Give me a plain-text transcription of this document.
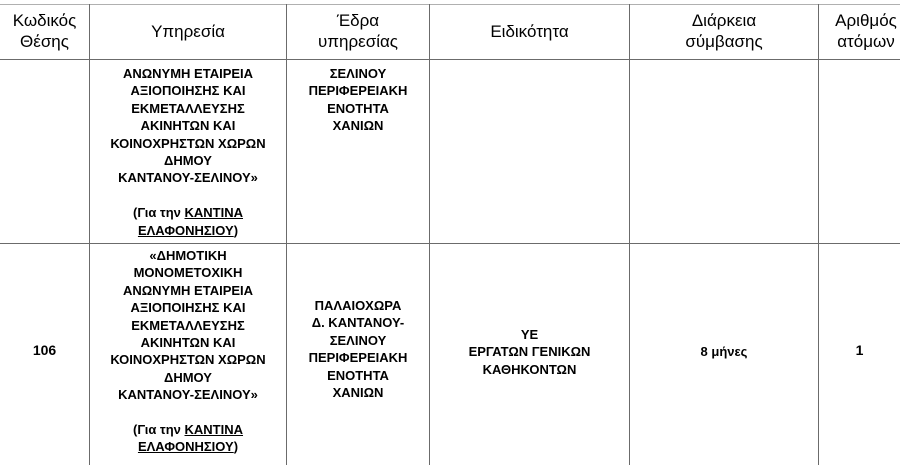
Κωδικός
Θέσης
Υπηρεσία
Έδρα
υπηρεσίας
Ειδικότητα
Διάρκεια
σύμβασης
Αριθμός
ατόμων
ΑΝΩΝΥΜΗ ΕΤΑΙΡΕΙΑ
ΑΞΙΟΠΟΙΗΣΗΣ ΚΑΙ
ΕΚΜΕΤΑΛΛΕΥΣΗΣ
ΑΚΙΝΗΤΩΝ ΚΑΙ
ΚΟΙΝΟΧΡΗΣΤΩΝ ΧΩΡΩΝ
ΔΗΜΟΥ
ΚΑΝΤΑΝΟΥ-ΣΕΛΙΝΟΥ»
(Για την ΚΑΝΤΙΝΑ
ΕΛΑΦΟΝΗΣΙΟΥ)
ΣΕΛΙΝΟΥ
ΠΕΡΙΦΕΡΕΙΑΚΗ
ΕΝΟΤΗΤΑ
ΧΑΝΙΩΝ
106
«ΔΗΜΟΤΙΚΗ
ΜΟΝΟΜΕΤΟΧΙΚΗ
ΑΝΩΝΥΜΗ ΕΤΑΙΡΕΙΑ
ΑΞΙΟΠΟΙΗΣΗΣ ΚΑΙ
ΕΚΜΕΤΑΛΛΕΥΣΗΣ
ΑΚΙΝΗΤΩΝ ΚΑΙ
ΚΟΙΝΟΧΡΗΣΤΩΝ ΧΩΡΩΝ
ΔΗΜΟΥ
ΚΑΝΤΑΝΟΥ-ΣΕΛΙΝΟΥ»
(Για την ΚΑΝΤΙΝΑ
ΕΛΑΦΟΝΗΣΙΟΥ)
ΠΑΛΑΙΟΧΩΡΑ
Δ. ΚΑΝΤΑΝΟΥ-
ΣΕΛΙΝΟΥ
ΠΕΡΙΦΕΡΕΙΑΚΗ
ΕΝΟΤΗΤΑ
ΧΑΝΙΩΝ
ΥΕ
ΕΡΓΑΤΩΝ ΓΕΝΙΚΩΝ
ΚΑΘΗΚΟΝΤΩΝ
8 μήνες	1
